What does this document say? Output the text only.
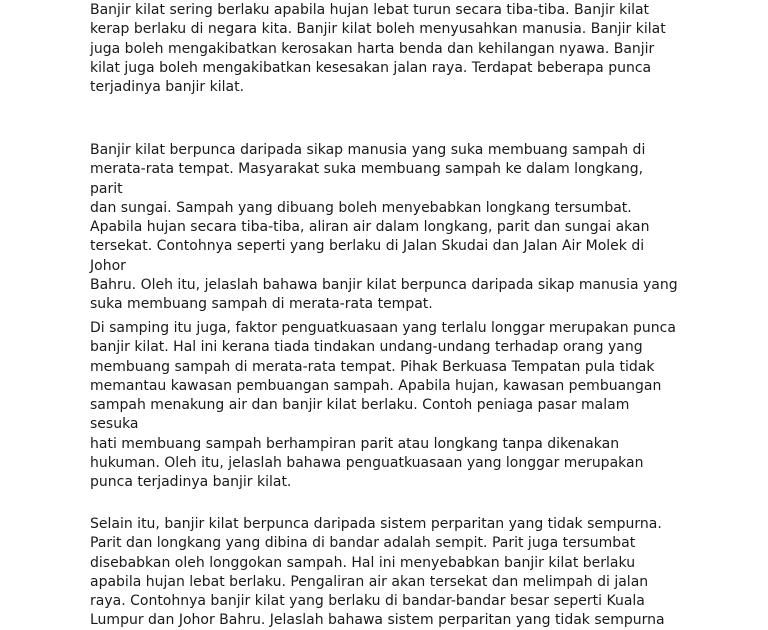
Banjir kilat sering berlaku apabila hujan lebat turun secara tiba-tiba. Banjir kilat
kerap berlaku di negara kita. Banjir kilat boleh menyusahkan manusia. Banjir kilat
juga boleh mengakibatkan kerosakan harta benda dan kehilangan nyawa. Banjir
kilat juga boleh mengakibatkan kesesakan jalan raya. Terdapat beberapa punca
terjadinya banjir kilat.

Banjir kilat berpunca daripada sikap manusia yang suka membuang sampah di
merata-rata tempat. Masyarakat suka membuang sampah ke dalam longkang, parit
dan sungai. Sampah yang dibuang boleh menyebabkan longkang tersumbat.
Apabila hujan secara tiba-tiba, aliran air dalam longkang, parit dan sungai akan
tersekat. Contohnya seperti yang berlaku di Jalan Skudai dan Jalan Air Molek di Johor
Bahru. Oleh itu, jelaslah bahawa banjir kilat berpunca daripada sikap manusia yang
suka membuang sampah di merata-rata tempat.

Di samping itu juga, faktor penguatkuasaan yang terlalu longgar merupakan punca
banjir kilat. Hal ini kerana tiada tindakan undang-undang terhadap orang yang
membuang sampah di merata-rata tempat. Pihak Berkuasa Tempatan pula tidak
memantau kawasan pembuangan sampah. Apabila hujan, kawasan pembuangan
sampah menakung air dan banjir kilat berlaku. Contoh peniaga pasar malam sesuka
hati membuang sampah berhampiran parit atau longkang tanpa dikenakan
hukuman. Oleh itu, jelaslah bahawa penguatkuasaan yang longgar merupakan
punca terjadinya banjir kilat.

Selain itu, banjir kilat berpunca daripada sistem perparitan yang tidak sempurna.
Parit dan longkang yang dibina di bandar adalah sempit. Parit juga tersumbat
disebabkan oleh longgokan sampah. Hal ini menyebabkan banjir kilat berlaku
apabila hujan lebat berlaku. Pengaliran air akan tersekat dan melimpah di jalan
raya. Contohnya banjir kilat yang berlaku di bandar-bandar besar seperti Kuala
Lumpur dan Johor Bahru. Jelaslah bahawa sistem perparitan yang tidak sempurna
